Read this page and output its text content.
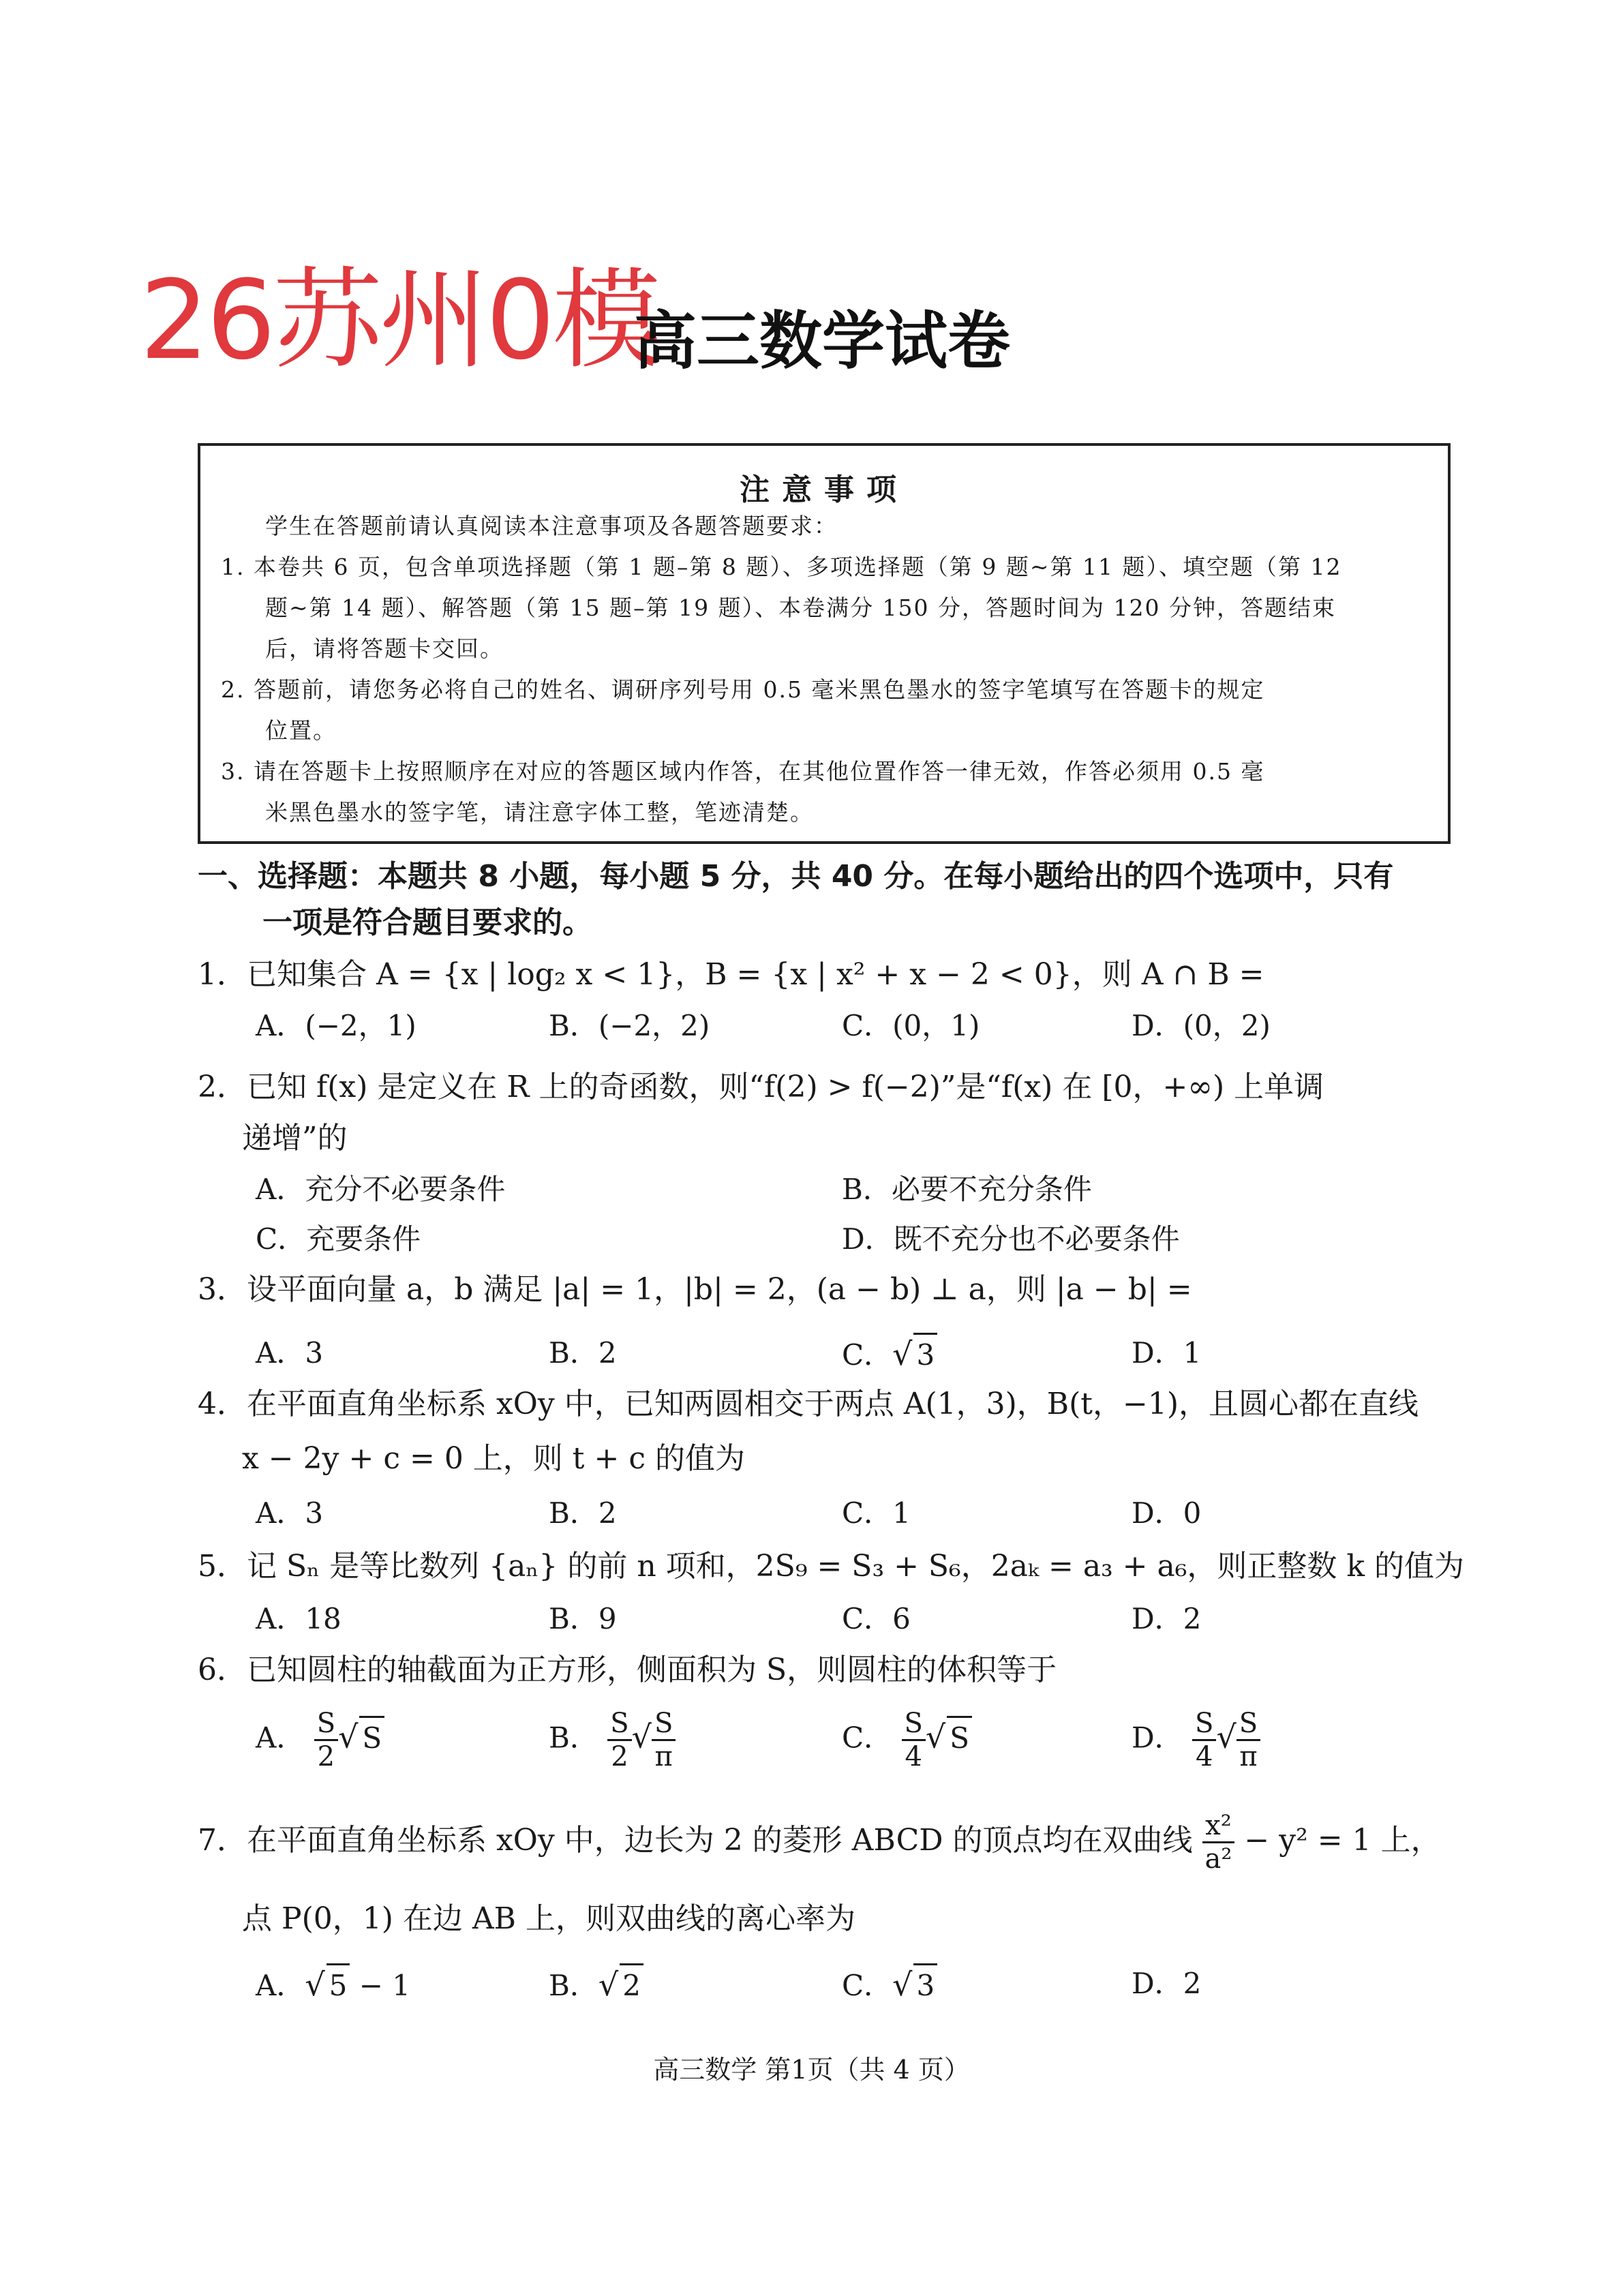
26苏州0模
高三数学试卷
注意事项
学生在答题前请认真阅读本注意事项及各题答题要求：
1. 本卷共 6 页，包含单项选择题（第 1 题–第 8 题）、多项选择题（第 9 题~第 11 题）、填空题（第 12
题~第 14 题）、解答题（第 15 题–第 19 题）、本卷满分 150 分，答题时间为 120 分钟，答题结束
后，请将答题卡交回。
2. 答题前，请您务必将自己的姓名、调研序列号用 0.5 毫米黑色墨水的签字笔填写在答题卡的规定
位置。
3. 请在答题卡上按照顺序在对应的答题区域内作答，在其他位置作答一律无效，作答必须用 0.5 毫
米黑色墨水的签字笔，请注意字体工整，笔迹清楚。
一、选择题：本题共 8 小题，每小题 5 分，共 40 分。在每小题给出的四个选项中，只有
一项是符合题目要求的。
1．已知集合 A = {x | log₂ x < 1}，B = {x | x² + x − 2 < 0}，则 A ∩ B =
A．(−2，1)	B．(−2，2)	C．(0，1)	D．(0，2)
2．已知 f(x) 是定义在 R 上的奇函数，则“f(2) > f(−2)”是“f(x) 在 [0，+∞) 上单调
递增”的
A．充分不必要条件	B．必要不充分条件
C．充要条件	D．既不充分也不必要条件
3．设平面向量 a，b 满足 |a| = 1，|b| = 2，(a − b) ⊥ a，则 |a − b| =
A．3	B．2	C．√ 3	D．1
4．在平面直角坐标系 xOy 中，已知两圆相交于两点 A(1，3)，B(t，−1)，且圆心都在直线
x − 2y + c = 0 上，则 t + c 的值为
A．3	B．2	C．1	D．0
5．记 Sₙ 是等比数列 {aₙ} 的前 n 项和，2S₉ = S₃ + S₆，2aₖ = a₃ + a₆，则正整数 k 的值为
A．18	B．9	C．6	D．2
6．已知圆柱的轴截面为正方形，侧面积为 S，则圆柱的体积等于
A． $\frac{S}{2}$ √ S	B． $\frac{S}{2}$ √ $\frac{S}{\pi}$	C． $\frac{S}{4}$ √ S	D． $\frac{S}{4}$ √ $\frac{S}{\pi}$
7．在平面直角坐标系 xOy 中，边长为 2 的菱形 ABCD 的顶点均在双曲线 $\frac{\text{x²}}{\text{a²}} - y^2 = 1$ 上，
点 P(0，1) 在边 AB 上，则双曲线的离心率为
A．√ 5 − 1	B．√ 2	C．√ 3	D．2
高三数学 第1页（共 4 页）
